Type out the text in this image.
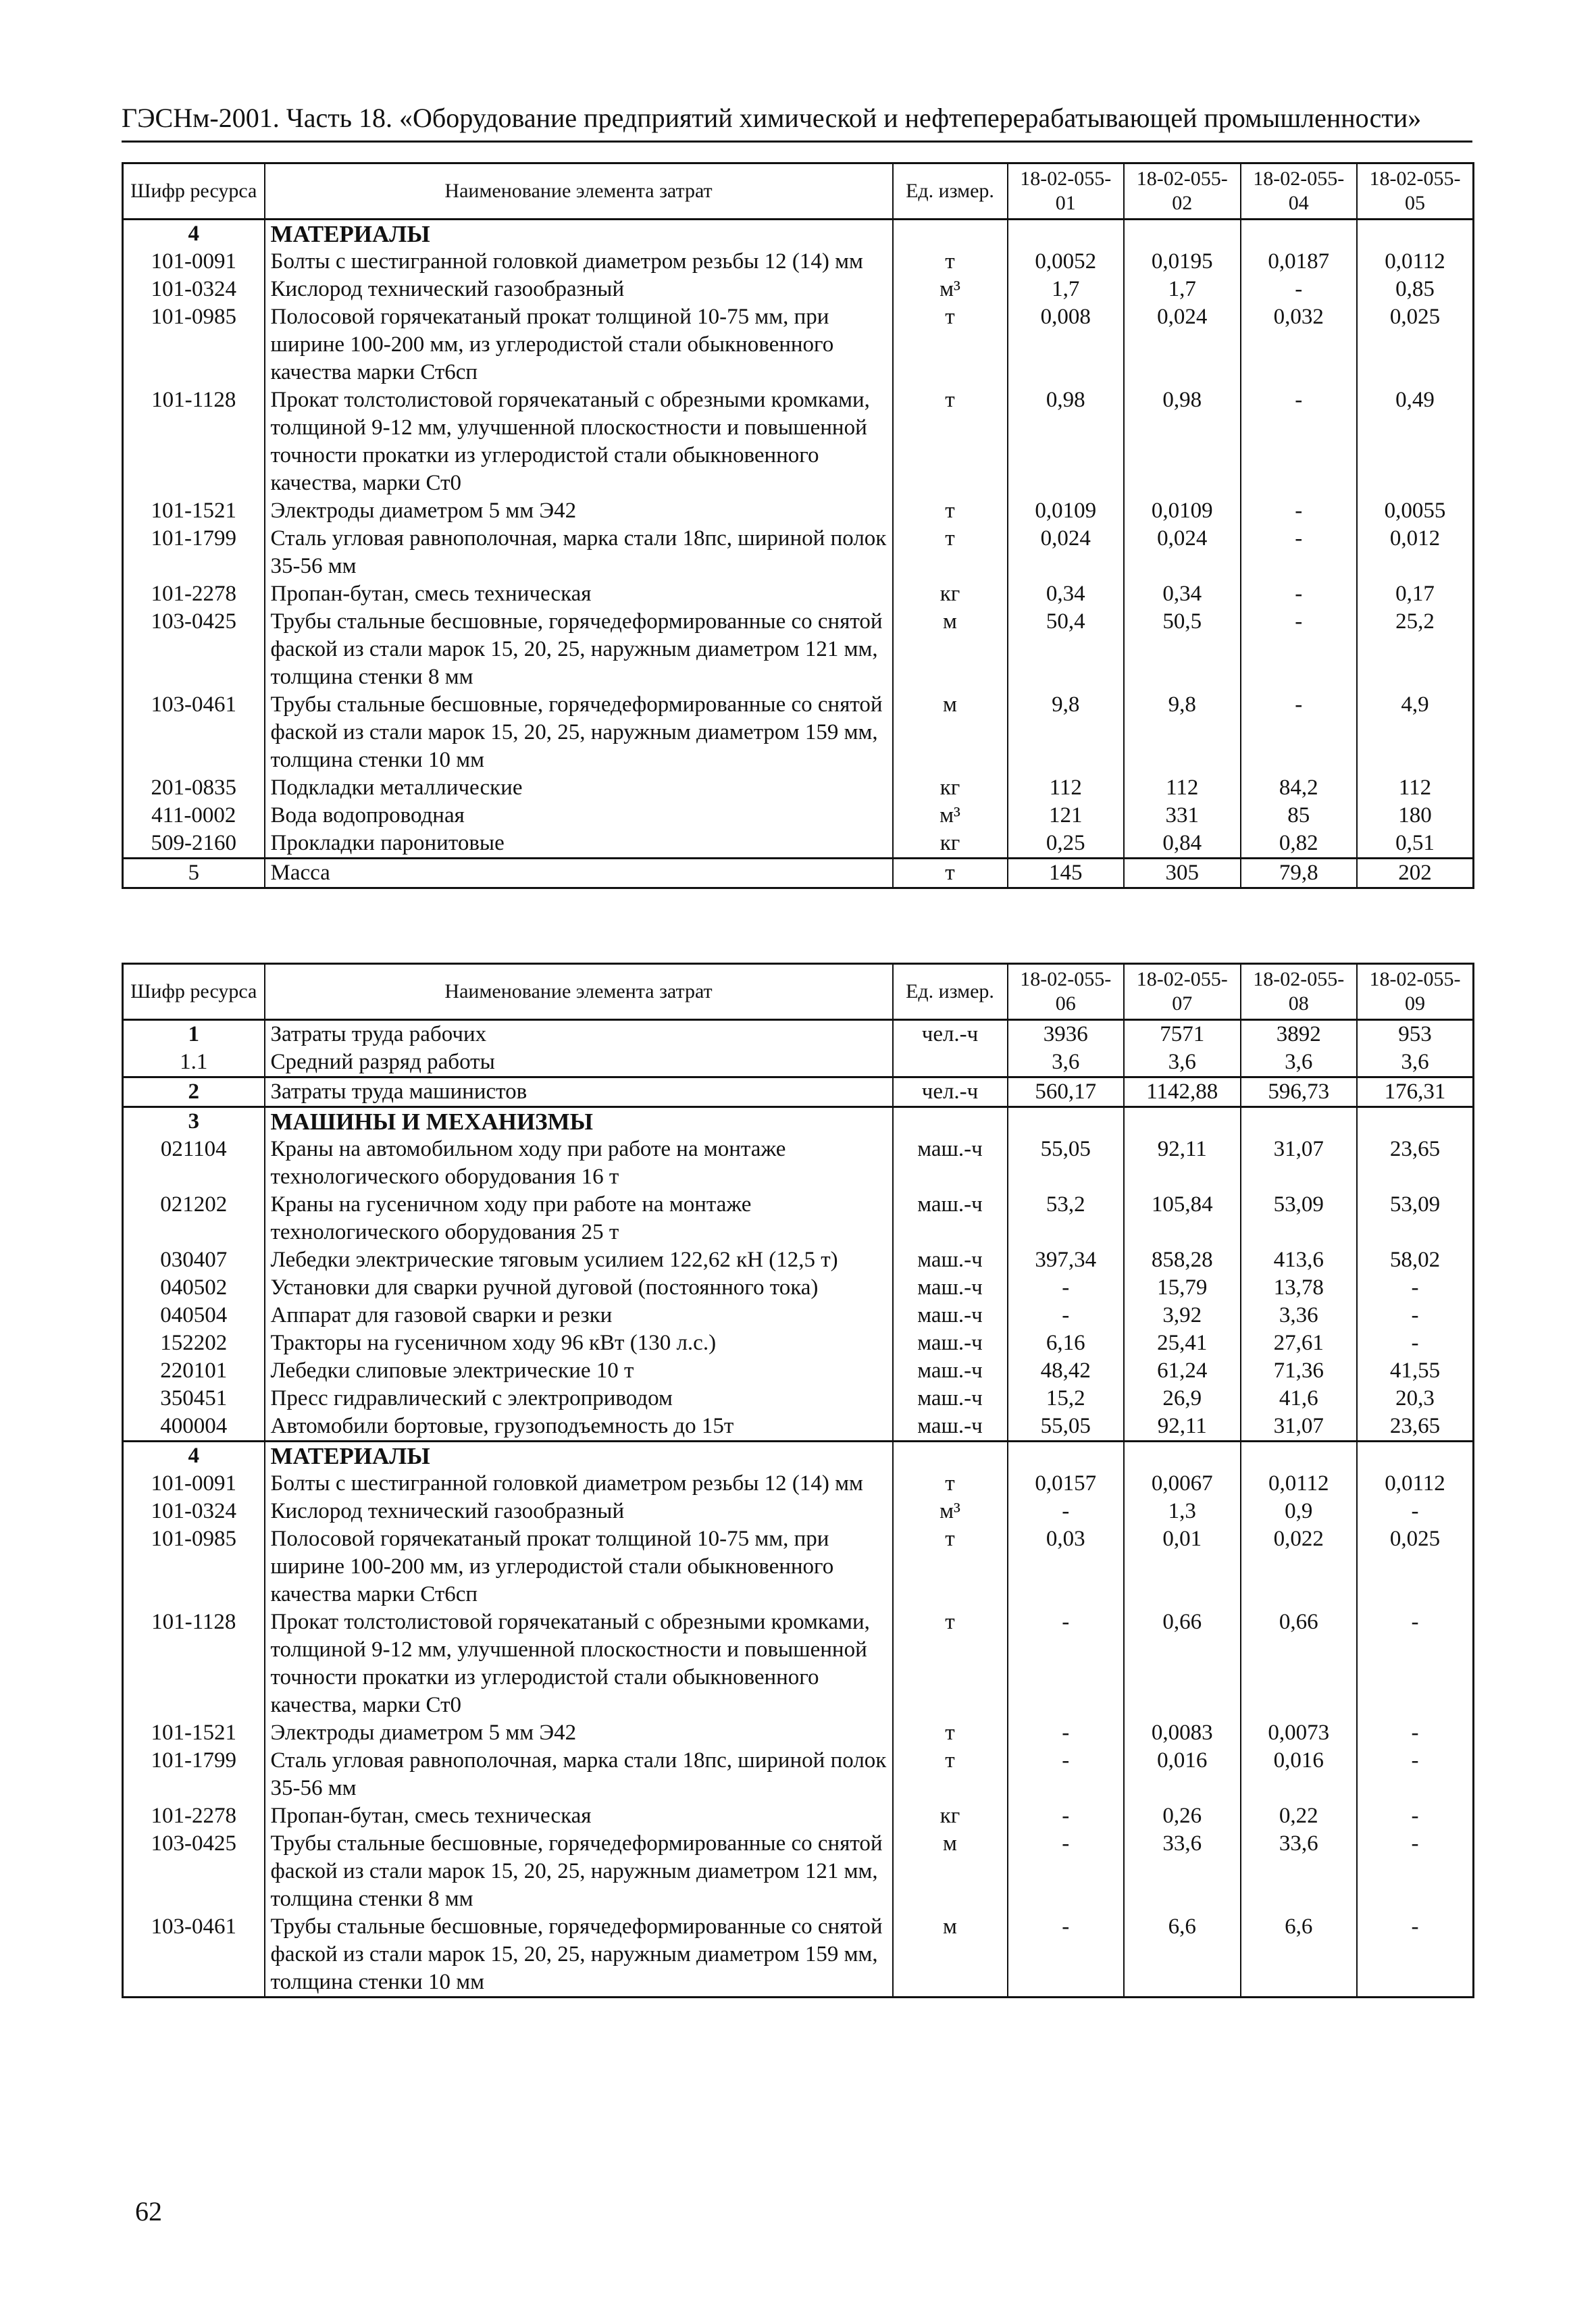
ГЭСНм-2001. Часть 18. «Оборудование предприятий химической и нефтеперерабатывающей промышленности»
Шифр ресурса	Наименование элемента затрат	Ед. измер.	18-02-055-01	18-02-055-02	18-02-055-04	18-02-055-05
4	МАТЕРИАЛЫ					
101-0091	Болты с шестигранной головкой диаметром резьбы 12 (14) мм	т	0,0052	0,0195	0,0187	0,0112
101-0324	Кислород технический газообразный	м³	1,7	1,7	-	0,85
101-0985	Полосовой горячекатаный прокат толщиной 10-75 мм, при ширине 100-200 мм, из углеродистой стали обыкновенного качества марки Ст6сп	т	0,008	0,024	0,032	0,025
101-1128	Прокат толстолистовой горячекатаный с обрезными кромками, толщиной 9-12 мм, улучшенной плоскостности и повышенной точности прокатки из углеродистой стали обыкновенного качества, марки Ст0	т	0,98	0,98	-	0,49
101-1521	Электроды диаметром 5 мм Э42	т	0,0109	0,0109	-	0,0055
101-1799	Сталь угловая равнополочная, марка стали 18пс, шириной полок 35-56 мм	т	0,024	0,024	-	0,012
101-2278	Пропан-бутан, смесь техническая	кг	0,34	0,34	-	0,17
103-0425	Трубы стальные бесшовные, горячедеформированные со снятой фаской из стали марок 15, 20, 25, наружным диаметром 121 мм, толщина стенки 8 мм	м	50,4	50,5	-	25,2
103-0461	Трубы стальные бесшовные, горячедеформированные со снятой фаской из стали марок 15, 20, 25, наружным диаметром 159 мм, толщина стенки 10 мм	м	9,8	9,8	-	4,9
201-0835	Подкладки металлические	кг	112	112	84,2	112
411-0002	Вода водопроводная	м³	121	331	85	180
509-2160	Прокладки паронитовые	кг	0,25	0,84	0,82	0,51
5	Масса	т	145	305	79,8	202
Шифр ресурса	Наименование элемента затрат	Ед. измер.	18-02-055-06	18-02-055-07	18-02-055-08	18-02-055-09
1	Затраты труда рабочих	чел.-ч	3936	7571	3892	953
1.1	Средний разряд работы		3,6	3,6	3,6	3,6
2	Затраты труда машинистов	чел.-ч	560,17	1142,88	596,73	176,31
3	МАШИНЫ И МЕХАНИЗМЫ					
021104	Краны на автомобильном ходу при работе на монтаже технологического оборудования 16 т	маш.-ч	55,05	92,11	31,07	23,65
021202	Краны на гусеничном ходу при работе на монтаже технологического оборудования 25 т	маш.-ч	53,2	105,84	53,09	53,09
030407	Лебедки электрические тяговым усилием 122,62 кН (12,5 т)	маш.-ч	397,34	858,28	413,6	58,02
040502	Установки для сварки ручной дуговой (постоянного тока)	маш.-ч	-	15,79	13,78	-
040504	Аппарат для газовой сварки и резки	маш.-ч	-	3,92	3,36	-
152202	Тракторы на гусеничном ходу 96 кВт (130 л.с.)	маш.-ч	6,16	25,41	27,61	-
220101	Лебедки слиповые электрические 10 т	маш.-ч	48,42	61,24	71,36	41,55
350451	Пресс гидравлический с электроприводом	маш.-ч	15,2	26,9	41,6	20,3
400004	Автомобили бортовые, грузоподъемность до 15т	маш.-ч	55,05	92,11	31,07	23,65
4	МАТЕРИАЛЫ					
101-0091	Болты с шестигранной головкой диаметром резьбы 12 (14) мм	т	0,0157	0,0067	0,0112	0,0112
101-0324	Кислород технический газообразный	м³	-	1,3	0,9	-
101-0985	Полосовой горячекатаный прокат толщиной 10-75 мм, при ширине 100-200 мм, из углеродистой стали обыкновенного качества марки Ст6сп	т	0,03	0,01	0,022	0,025
101-1128	Прокат толстолистовой горячекатаный с обрезными кромками, толщиной 9-12 мм, улучшенной плоскостности и повышенной точности прокатки из углеродистой стали обыкновенного качества, марки Ст0	т	-	0,66	0,66	-
101-1521	Электроды диаметром 5 мм Э42	т	-	0,0083	0,0073	-
101-1799	Сталь угловая равнополочная, марка стали 18пс, шириной полок 35-56 мм	т	-	0,016	0,016	-
101-2278	Пропан-бутан, смесь техническая	кг	-	0,26	0,22	-
103-0425	Трубы стальные бесшовные, горячедеформированные со снятой фаской из стали марок 15, 20, 25, наружным диаметром 121 мм, толщина стенки 8 мм	м	-	33,6	33,6	-
103-0461	Трубы стальные бесшовные, горячедеформированные со снятой фаской из стали марок 15, 20, 25, наружным диаметром 159 мм, толщина стенки 10 мм	м	-	6,6	6,6	-
62
